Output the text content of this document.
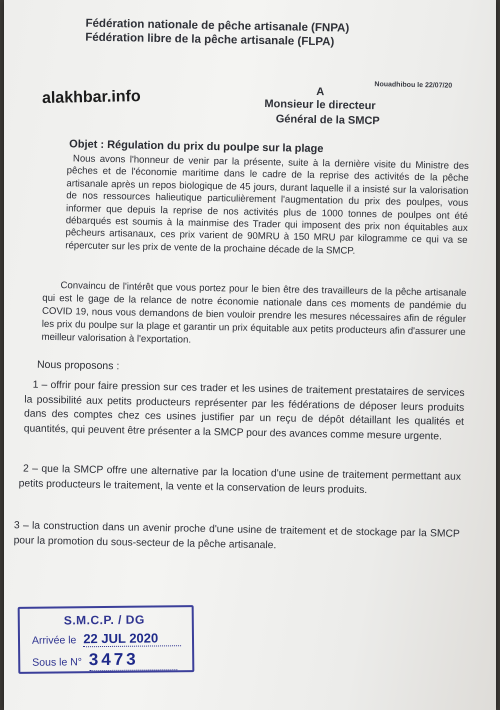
Fédération nationale de pêche artisanale (FNPA)
Fédération libre de la pêche artisanale (FLPA)
Nouadhibou le 22/07/20
A
Monsieur le directeur
Général de la SMCP
Objet : Régulation du prix du poulpe sur la plage

Nous avons l'honneur de venir par la présente, suite à la dernière visite du Ministre des pêches et de l'économie maritime dans le cadre de la reprise des activités de la pêche artisanale après un repos biologique de 45 jours, durant laquelle il a insisté sur la valorisation de nos ressources halieutique particulièrement l'augmentation du prix des poulpes, vous informer que depuis la reprise de nos activités plus de 1000 tonnes de poulpes ont été débarqués est soumis à la mainmise des Trader qui imposent des prix non équitables aux pêcheurs artisanaux, ces prix varient de 90MRU à 150 MRU par kilogramme ce qui va se répercuter sur les prix de vente de la prochaine décade de la SMCP.

Convaincu de l'intérêt que vous portez pour le bien être des travailleurs de la pêche artisanale qui est le gage de la relance de notre économie nationale dans ces moments de pandémie du COVID 19, nous vous demandons de bien vouloir prendre les mesures nécessaires afin de réguler les prix du poulpe sur la plage et garantir un prix équitable aux petits producteurs afin d'assurer une meilleur valorisation à l'exportation.

Nous proposons :

1 – offrir pour faire pression sur ces trader et les usines de traitement prestataires de services la possibilité aux petits producteurs représenter par les fédérations de déposer leurs produits dans des comptes chez ces usines justifier par un reçu de dépôt détaillant les qualités et quantités, qui peuvent être présenter a la SMCP pour des avances comme mesure urgente.

2 – que la SMCP offre une alternative par la location d'une usine de traitement permettant aux petits producteurs le traitement, la vente et la conservation de leurs produits.

3 – la construction dans un avenir proche d'une usine de traitement et de stockage par la SMCP pour la promotion du sous-secteur de la pêche artisanale.

alakhbar.info
S.M.C.P. / DG
Arrivée le 22 JUL 2020
Sous le N° 3473
